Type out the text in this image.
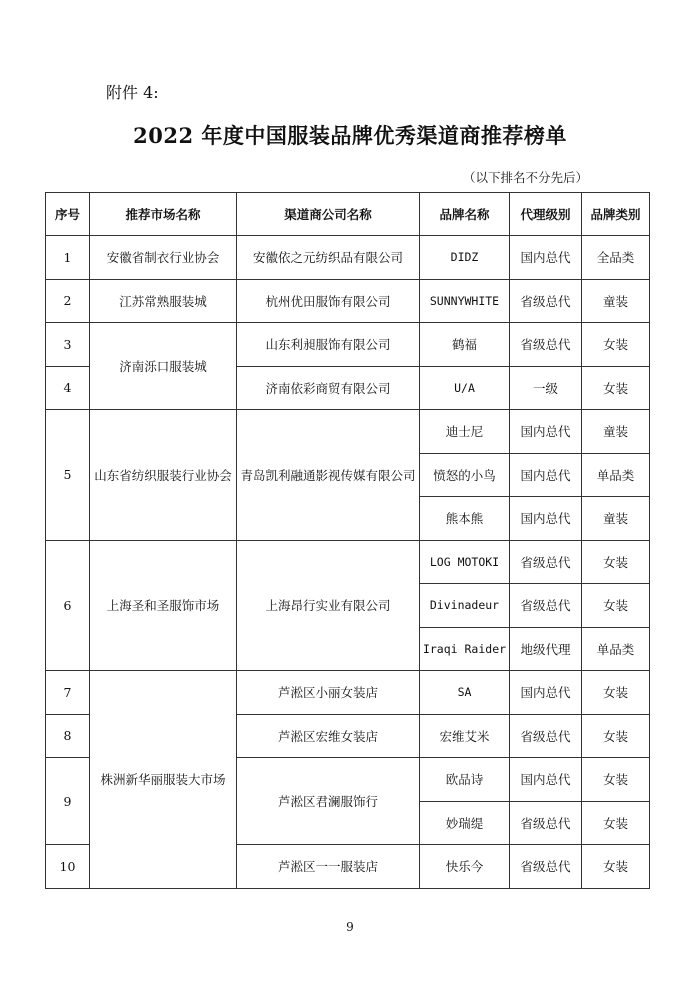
附件 4:
2022 年度中国服装品牌优秀渠道商推荐榜单
（以下排名不分先后）
序号	推荐市场名称	渠道商公司名称	品牌名称	代理级别	品牌类别
1	安徽省制衣行业协会	安徽依之元纺织品有限公司	DIDZ	国内总代	全品类
2	江苏常熟服装城	杭州优田服饰有限公司	SUNNYWHITE	省级总代	童装
3	济南泺口服装城	山东利昶服饰有限公司	鹤福	省级总代	女装
4		济南依彩商贸有限公司	U/A	一级	女装
5	山东省纺织服装行业协会	青岛凯利融通影视传媒有限公司	迪士尼	国内总代	童装
			愤怒的小鸟	国内总代	单品类
			熊本熊	国内总代	童装
6	上海圣和圣服饰市场	上海昂行实业有限公司	LOG MOTOKI	省级总代	女装
			Divinadeur	省级总代	女装
			Iraqi Raider	地级代理	单品类
7	株洲新华丽服装大市场	芦淞区小丽女装店	SA	国内总代	女装
8		芦淞区宏维女装店	宏维艾米	省级总代	女装
9		芦淞区君澜服饰行	欧品诗	国内总代	女装
			妙瑞缇	省级总代	女装
10		芦淞区一一服装店	快乐今	省级总代	女装
9
